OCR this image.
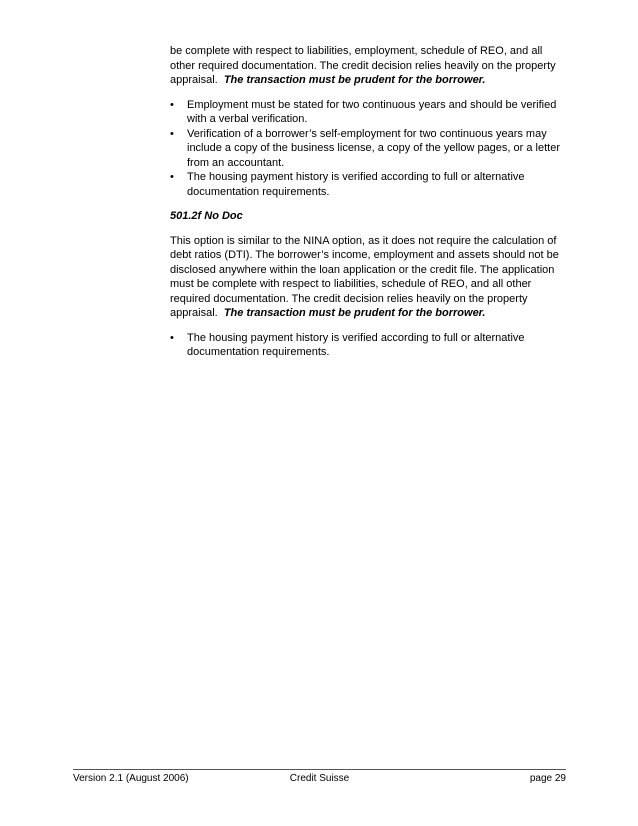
be complete with respect to liabilities, employment, schedule of REO, and all other required documentation. The credit decision relies heavily on the property appraisal. The transaction must be prudent for the borrower.

• Employment must be stated for two continuous years and should be verified with a verbal verification.
• Verification of a borrower’s self-employment for two continuous years may include a copy of the business license, a copy of the yellow pages, or a letter from an accountant.
• The housing payment history is verified according to full or alternative documentation requirements.

501.2f No Doc

This option is similar to the NINA option, as it does not require the calculation of debt ratios (DTI). The borrower’s income, employment and assets should not be disclosed anywhere within the loan application or the credit file. The application must be complete with respect to liabilities, schedule of REO, and all other required documentation. The credit decision relies heavily on the property appraisal. The transaction must be prudent for the borrower.

• The housing payment history is verified according to full or alternative documentation requirements.
Version 2.1 (August 2006)	Credit Suisse	page 29
